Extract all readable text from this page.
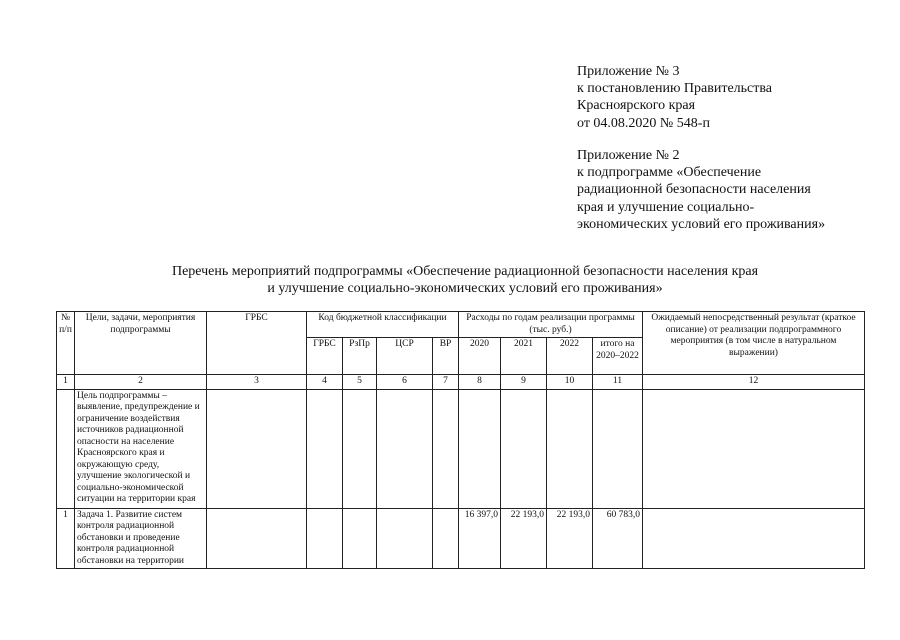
Приложение № 3
к постановлению Правительства
Красноярского края
от 04.08.2020 № 548-п
Приложение № 2
к подпрограмме «Обеспечение
радиационной безопасности населения
края и улучшение социально-
экономических условий его проживания»
Перечень мероприятий подпрограммы «Обеспечение радиационной безопасности населения края
и улучшение социально-экономических условий его проживания»
№ п/п	Цели, задачи, мероприятия подпрограммы	ГРБС	Код бюджетной классификации				Расходы по годам реализации программы (тыс. руб.)				Ожидаемый непосредственный результат (краткое описание) от реализации подпрограммного мероприятия (в том числе в натуральном выражении)
			ГРБС	РзПр	ЦСР	ВР	2020	2021	2022	итого на 2020–2022	
1	2	3	4	5	6	7	8	9	10	11	12
	Цель подпрограммы – выявление, предупреждение и ограничение воздействия источников радиационной опасности на население Красноярского края и окружающую среду, улучшение экологической и социально-экономической ситуации на территории края										
1	Задача 1. Развитие систем контроля радиационной обстановки и проведение контроля радиационной обстановки на территории						16 397,0	22 193,0	22 193,0	60 783,0	
